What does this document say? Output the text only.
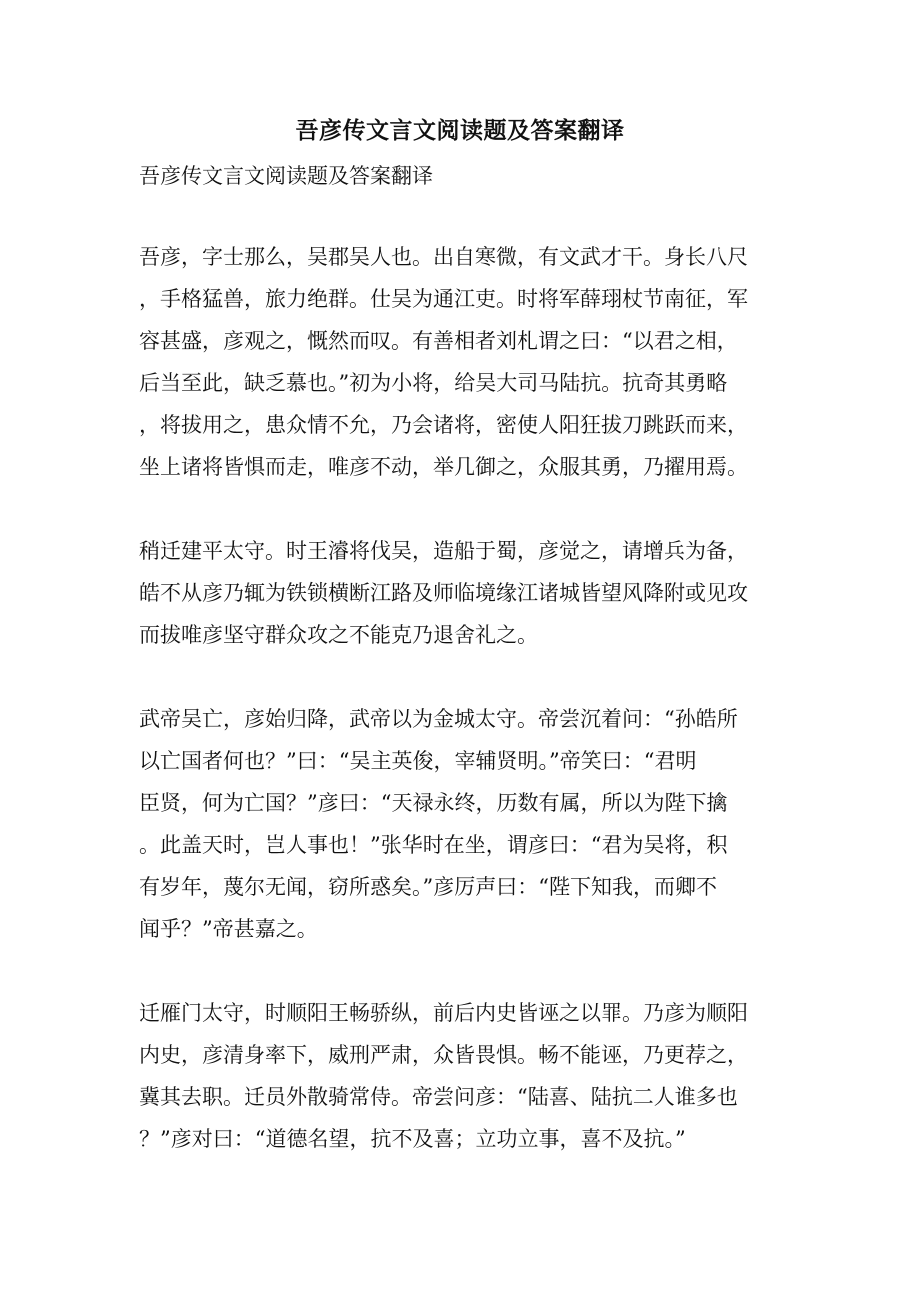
吾彦传文言文阅读题及答案翻译

吾彦传文言文阅读题及答案翻译

吾彦，字士那么，吴郡吴人也。出自寒微，有文武才干。身长八尺
，手格猛兽，旅力绝群。仕吴为通江吏。时将军薛珝杖节南征，军
容甚盛，彦观之，慨然而叹。有善相者刘札谓之曰：“以君之相，
后当至此，缺乏慕也。”初为小将，给吴大司马陆抗。抗奇其勇略
，将拔用之，患众情不允，乃会诸将，密使人阳狂拔刀跳跃而来，
坐上诸将皆惧而走，唯彦不动，举几御之，众服其勇，乃擢用焉。
稍迁建平太守。时王濬将伐吴，造船于蜀，彦觉之，请增兵为备，
皓不从彦乃辄为铁锁横断江路及师临境缘江诸城皆望风降附或见攻
而拔唯彦坚守群众攻之不能克乃退舍礼之。
武帝吴亡，彦始归降，武帝以为金城太守。帝尝沉着问：“孙皓所
以亡国者何也？”曰：“吴主英俊，宰辅贤明。”帝笑曰：“君明
臣贤，何为亡国？”彦曰：“天禄永终，历数有属，所以为陛下擒
。此盖天时，岂人事也！”张华时在坐，谓彦曰：“君为吴将，积
有岁年，蔑尔无闻，窃所惑矣。”彦厉声曰：“陛下知我，而卿不
闻乎？”帝甚嘉之。
迁雁门太守，时顺阳王畅骄纵，前后内史皆诬之以罪。乃彦为顺阳
内史，彦清身率下，威刑严肃，众皆畏惧。畅不能诬，乃更荐之，
冀其去职。迁员外散骑常侍。帝尝问彦：“陆喜、陆抗二人谁多也
？”彦对曰：“道德名望，抗不及喜；立功立事，喜不及抗。”
